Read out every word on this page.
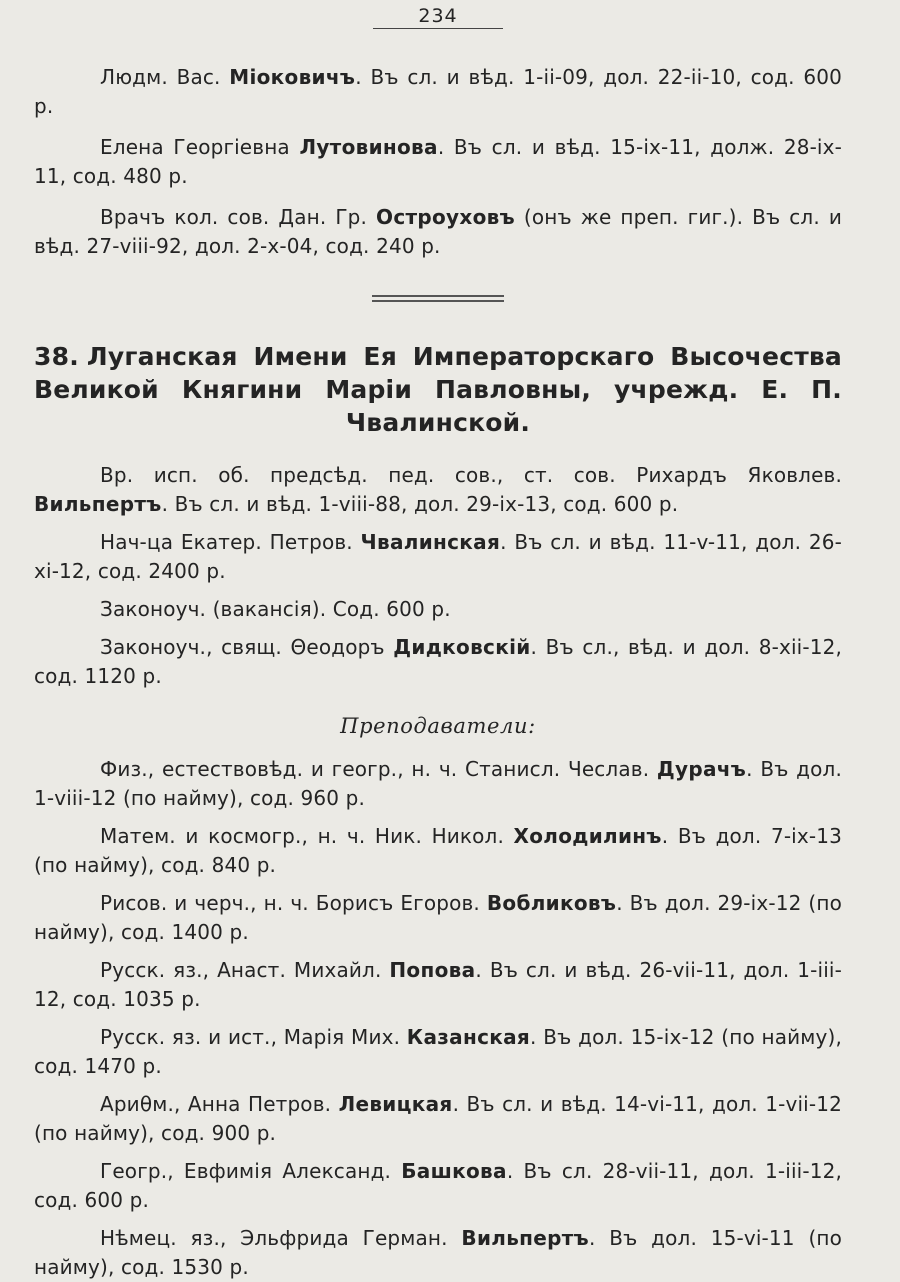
234

Людм. Вас. Міоковичъ. Въ сл. и вѣд. 1-ii-09, дол. 22-ii-10, сод. 600 р.

Елена Георгіевна Лутовинова. Въ сл. и вѣд. 15-ix-11, долж. 28-ix-11, сод. 480 р.

Врачъ кол. сов. Дан. Гр. Остроуховъ (онъ же преп. гиг.). Въ сл. и вѣд. 27-viii-92, дол. 2-x-04, сод. 240 р.

38. Луганская Имени Ея Императорскаго Высочества Великой Княгини Маріи Павловны, учрежд. Е. П. Чвалинской.

Вр. исп. об. предсѣд. пед. сов., ст. сов. Рихардъ Яковлев. Вильпертъ. Въ сл. и вѣд. 1-viii-88, дол. 29-ix-13, сод. 600 р.

Нач-ца Екатер. Петров. Чвалинская. Въ сл. и вѣд. 11-v-11, дол. 26-xi-12, сод. 2400 р.

Законоуч. (вакансія). Сод. 600 р.

Законоуч., свящ. Θеодоръ Дидковскій. Въ сл., вѣд. и дол. 8-xii-12, сод. 1120 р.

Преподаватели:

Физ., естествовѣд. и геогр., н. ч. Станисл. Чеслав. Дурачъ. Въ дол. 1-viii-12 (по найму), сод. 960 р.

Матем. и космогр., н. ч. Ник. Никол. Холодилинъ. Въ дол. 7-ix-13 (по найму), сод. 840 р.

Рисов. и черч., н. ч. Борисъ Егоров. Вобликовъ. Въ дол. 29-ix-12 (по найму), сод. 1400 р.

Русск. яз., Анаст. Михайл. Попова. Въ сл. и вѣд. 26-vii-11, дол. 1-iii-12, сод. 1035 р.

Русск. яз. и ист., Марія Мих. Казанская. Въ дол. 15-ix-12 (по найму), сод. 1470 р.

Ариθм., Анна Петров. Левицкая. Въ сл. и вѣд. 14-vi-11, дол. 1-vii-12 (по найму), сод. 900 р.

Геогр., Евфимія Александ. Башкова. Въ сл. 28-vii-11, дол. 1-iii-12, сод. 600 р.

Нѣмец. яз., Эльфрида Герман. Вильпертъ. Въ дол. 15-vi-11 (по найму), сод. 1530 р.
